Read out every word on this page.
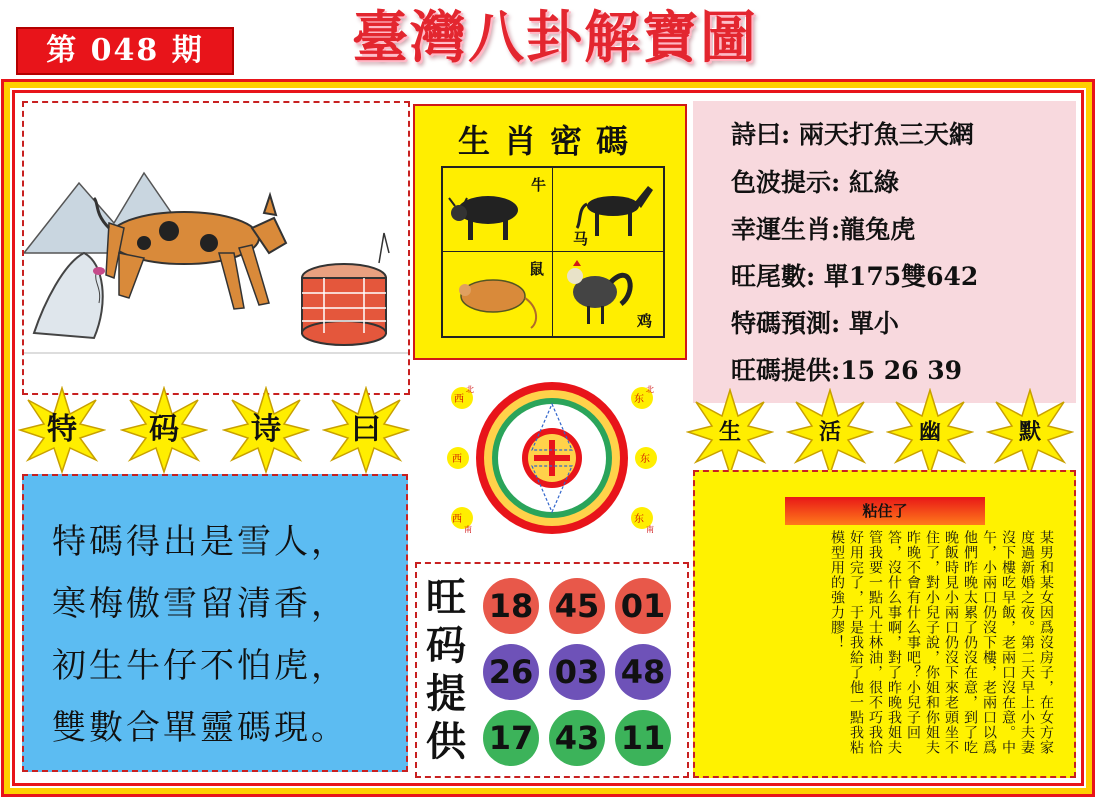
第 048 期	臺灣八卦解寶圖
生肖密碼
牛
马
鼠
鸡
詩曰: 兩天打魚三天網
色波提示: 紅綠
幸運生肖:龍兔虎
旺尾數: 單175雙642
特碼預測: 單小
旺碼提供:15 26 39
特	码	诗	曰	生	活	幽	默
特碼得出是雪人，
寒梅傲雪留清香，
初生牛仔不怕虎，
雙數合單靈碼現。
西
北
东
北
西	东
西
南
东
南
旺
码
提
供
18 45 01
26 03 48
17 43 11
粘住了
某男和某女因爲沒房子，在女方家度過新婚之夜。第二天早上小夫妻沒下樓吃早飯，老兩口沒在意。中午，小兩口仍沒下樓，老兩口以爲他們昨晚太累了仍沒在意，到了吃晚飯時見小兩口仍沒下來老頭坐不住了，對小兒子說，你姐和你姐夫昨晚不會有什么事吧？小兒子回答，沒什么事啊，對了昨晚我姐夫管我要一點凡士林油，很不巧我恰好用完了，于是我給了他一點我粘模型用的強力膠！
